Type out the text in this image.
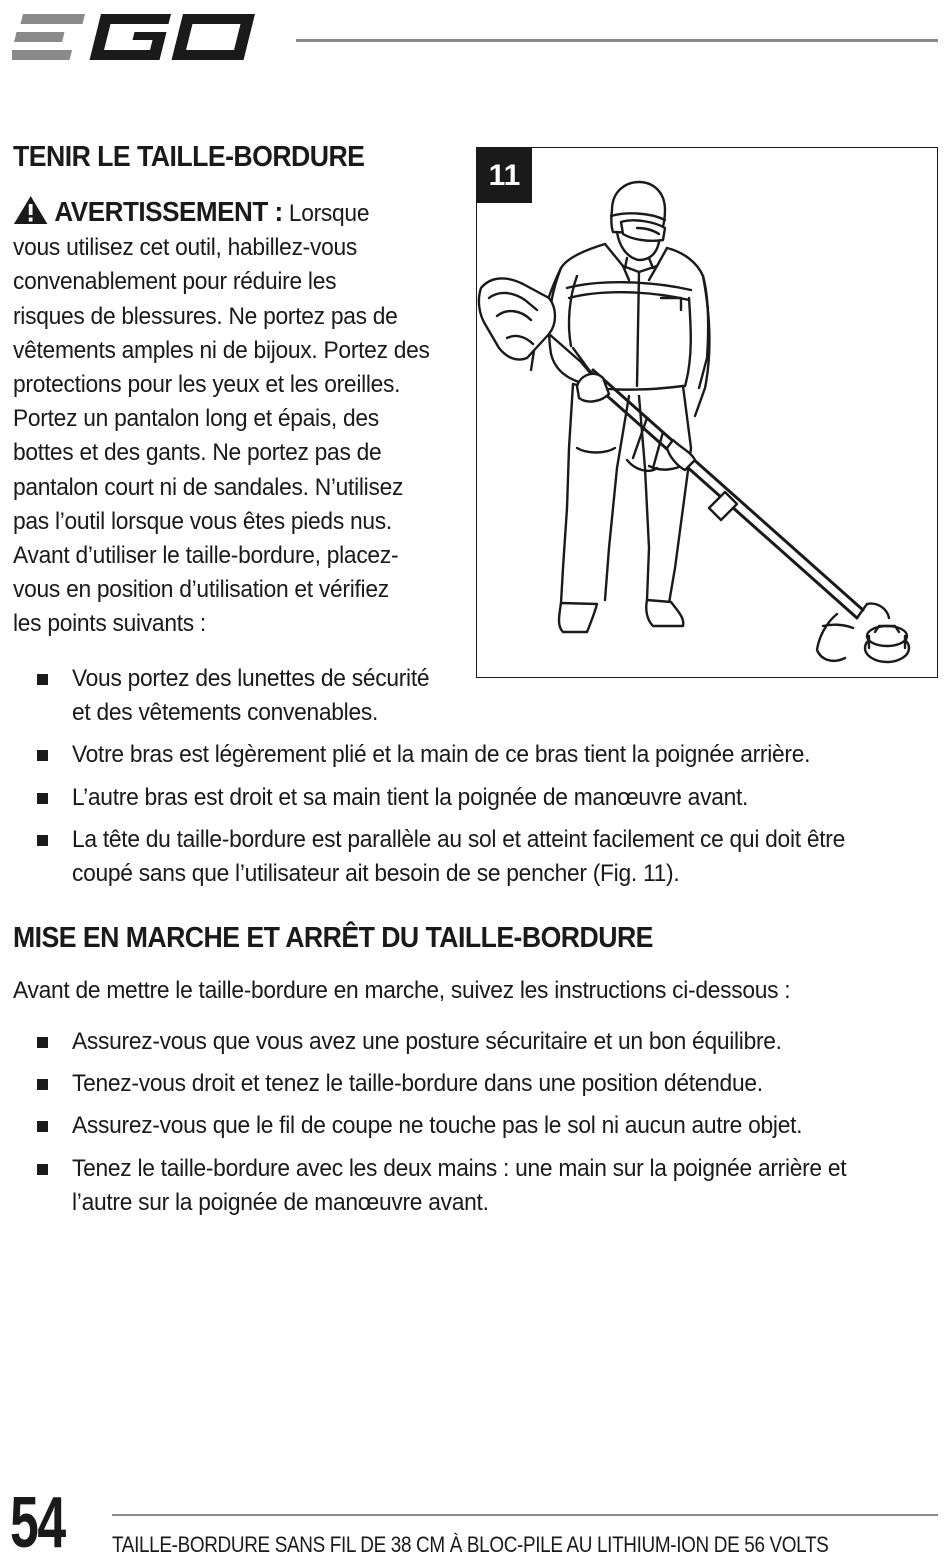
TENIR LE TAILLE-BORDURE
AVERTISSEMENT : Lorsque
vous utilisez cet outil, habillez-vous
convenablement pour réduire les
risques de blessures. Ne portez pas de
vêtements amples ni de bijoux. Portez des
protections pour les yeux et les oreilles.
Portez un pantalon long et épais, des
bottes et des gants. Ne portez pas de
pantalon court ni de sandales. N’utilisez
pas l’outil lorsque vous êtes pieds nus.
Avant d’utiliser le taille-bordure, placez-
vous en position d’utilisation et vérifiez
les points suivants :
Vous portez des lunettes de sécurité
et des vêtements convenables.
Votre bras est légèrement plié et la main de ce bras tient la poignée arrière.
L’autre bras est droit et sa main tient la poignée de manœuvre avant.
La tête du taille-bordure est parallèle au sol et atteint facilement ce qui doit être
coupé sans que l’utilisateur ait besoin de se pencher (Fig. 11).
11
MISE EN MARCHE ET ARRÊT DU TAILLE-BORDURE

Avant de mettre le taille-bordure en marche, suivez les instructions ci-dessous :

Assurez-vous que vous avez une posture sécuritaire et un bon équilibre.
Tenez-vous droit et tenez le taille-bordure dans une position détendue.
Assurez-vous que le fil de coupe ne touche pas le sol ni aucun autre objet.
Tenez le taille-bordure avec les deux mains : une main sur la poignée arrière et
l’autre sur la poignée de manœuvre avant.
54 TAILLE-BORDURE SANS FIL DE 38 CM À BLOC-PILE AU LITHIUM-ION DE 56 VOLTS
